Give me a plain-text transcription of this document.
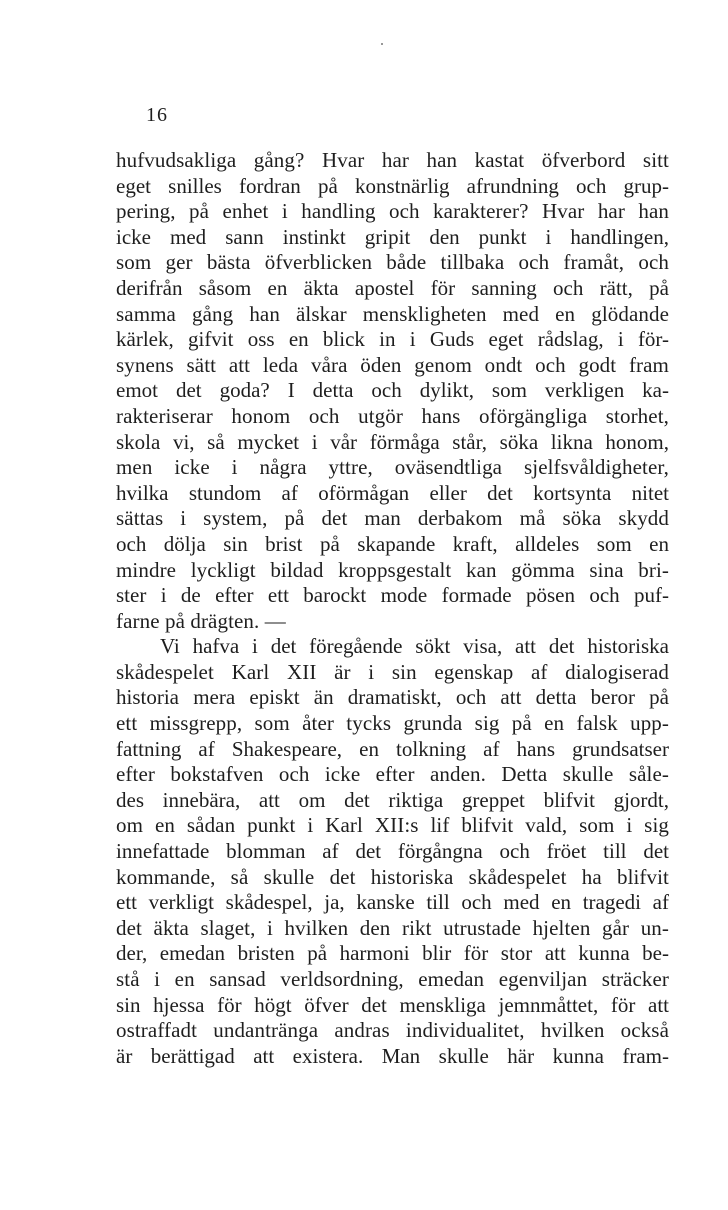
16
hufvudsakliga gång? Hvar har han kastat öfverbord sitt
eget snilles fordran på konstnärlig afrundning och grup-
pering, på enhet i handling och karakterer? Hvar har han
icke med sann instinkt gripit den punkt i handlingen,
som ger bästa öfverblicken både tillbaka och framåt, och
derifrån såsom en äkta apostel för sanning och rätt, på
samma gång han älskar menskligheten med en glödande
kärlek, gifvit oss en blick in i Guds eget rådslag, i för-
synens sätt att leda våra öden genom ondt och godt fram
emot det goda? I detta och dylikt, som verkligen ka-
rakteriserar honom och utgör hans oförgängliga storhet,
skola vi, så mycket i vår förmåga står, söka likna honom,
men icke i några yttre, oväsendtliga sjelfsvåldigheter,
hvilka stundom af oförmågan eller det kortsynta nitet
sättas i system, på det man derbakom må söka skydd
och dölja sin brist på skapande kraft, alldeles som en
mindre lyckligt bildad kroppsgestalt kan gömma sina bri-
ster i de efter ett barockt mode formade pösen och puf-
farne på drägten. —
Vi hafva i det föregående sökt visa, att det historiska
skådespelet Karl XII är i sin egenskap af dialogiserad
historia mera episkt än dramatiskt, och att detta beror på
ett missgrepp, som åter tycks grunda sig på en falsk upp-
fattning af Shakespeare, en tolkning af hans grundsatser
efter bokstafven och icke efter anden. Detta skulle såle-
des innebära, att om det riktiga greppet blifvit gjordt,
om en sådan punkt i Karl XII:s lif blifvit vald, som i sig
innefattade blomman af det förgångna och fröet till det
kommande, så skulle det historiska skådespelet ha blifvit
ett verkligt skådespel, ja, kanske till och med en tragedi af
det äkta slaget, i hvilken den rikt utrustade hjelten går un-
der, emedan bristen på harmoni blir för stor att kunna be-
stå i en sansad verldsordning, emedan egenviljan sträcker
sin hjessa för högt öfver det menskliga jemnmåttet, för att
ostraffadt undantränga andras individualitet, hvilken också
är berättigad att existera. Man skulle här kunna fram-
